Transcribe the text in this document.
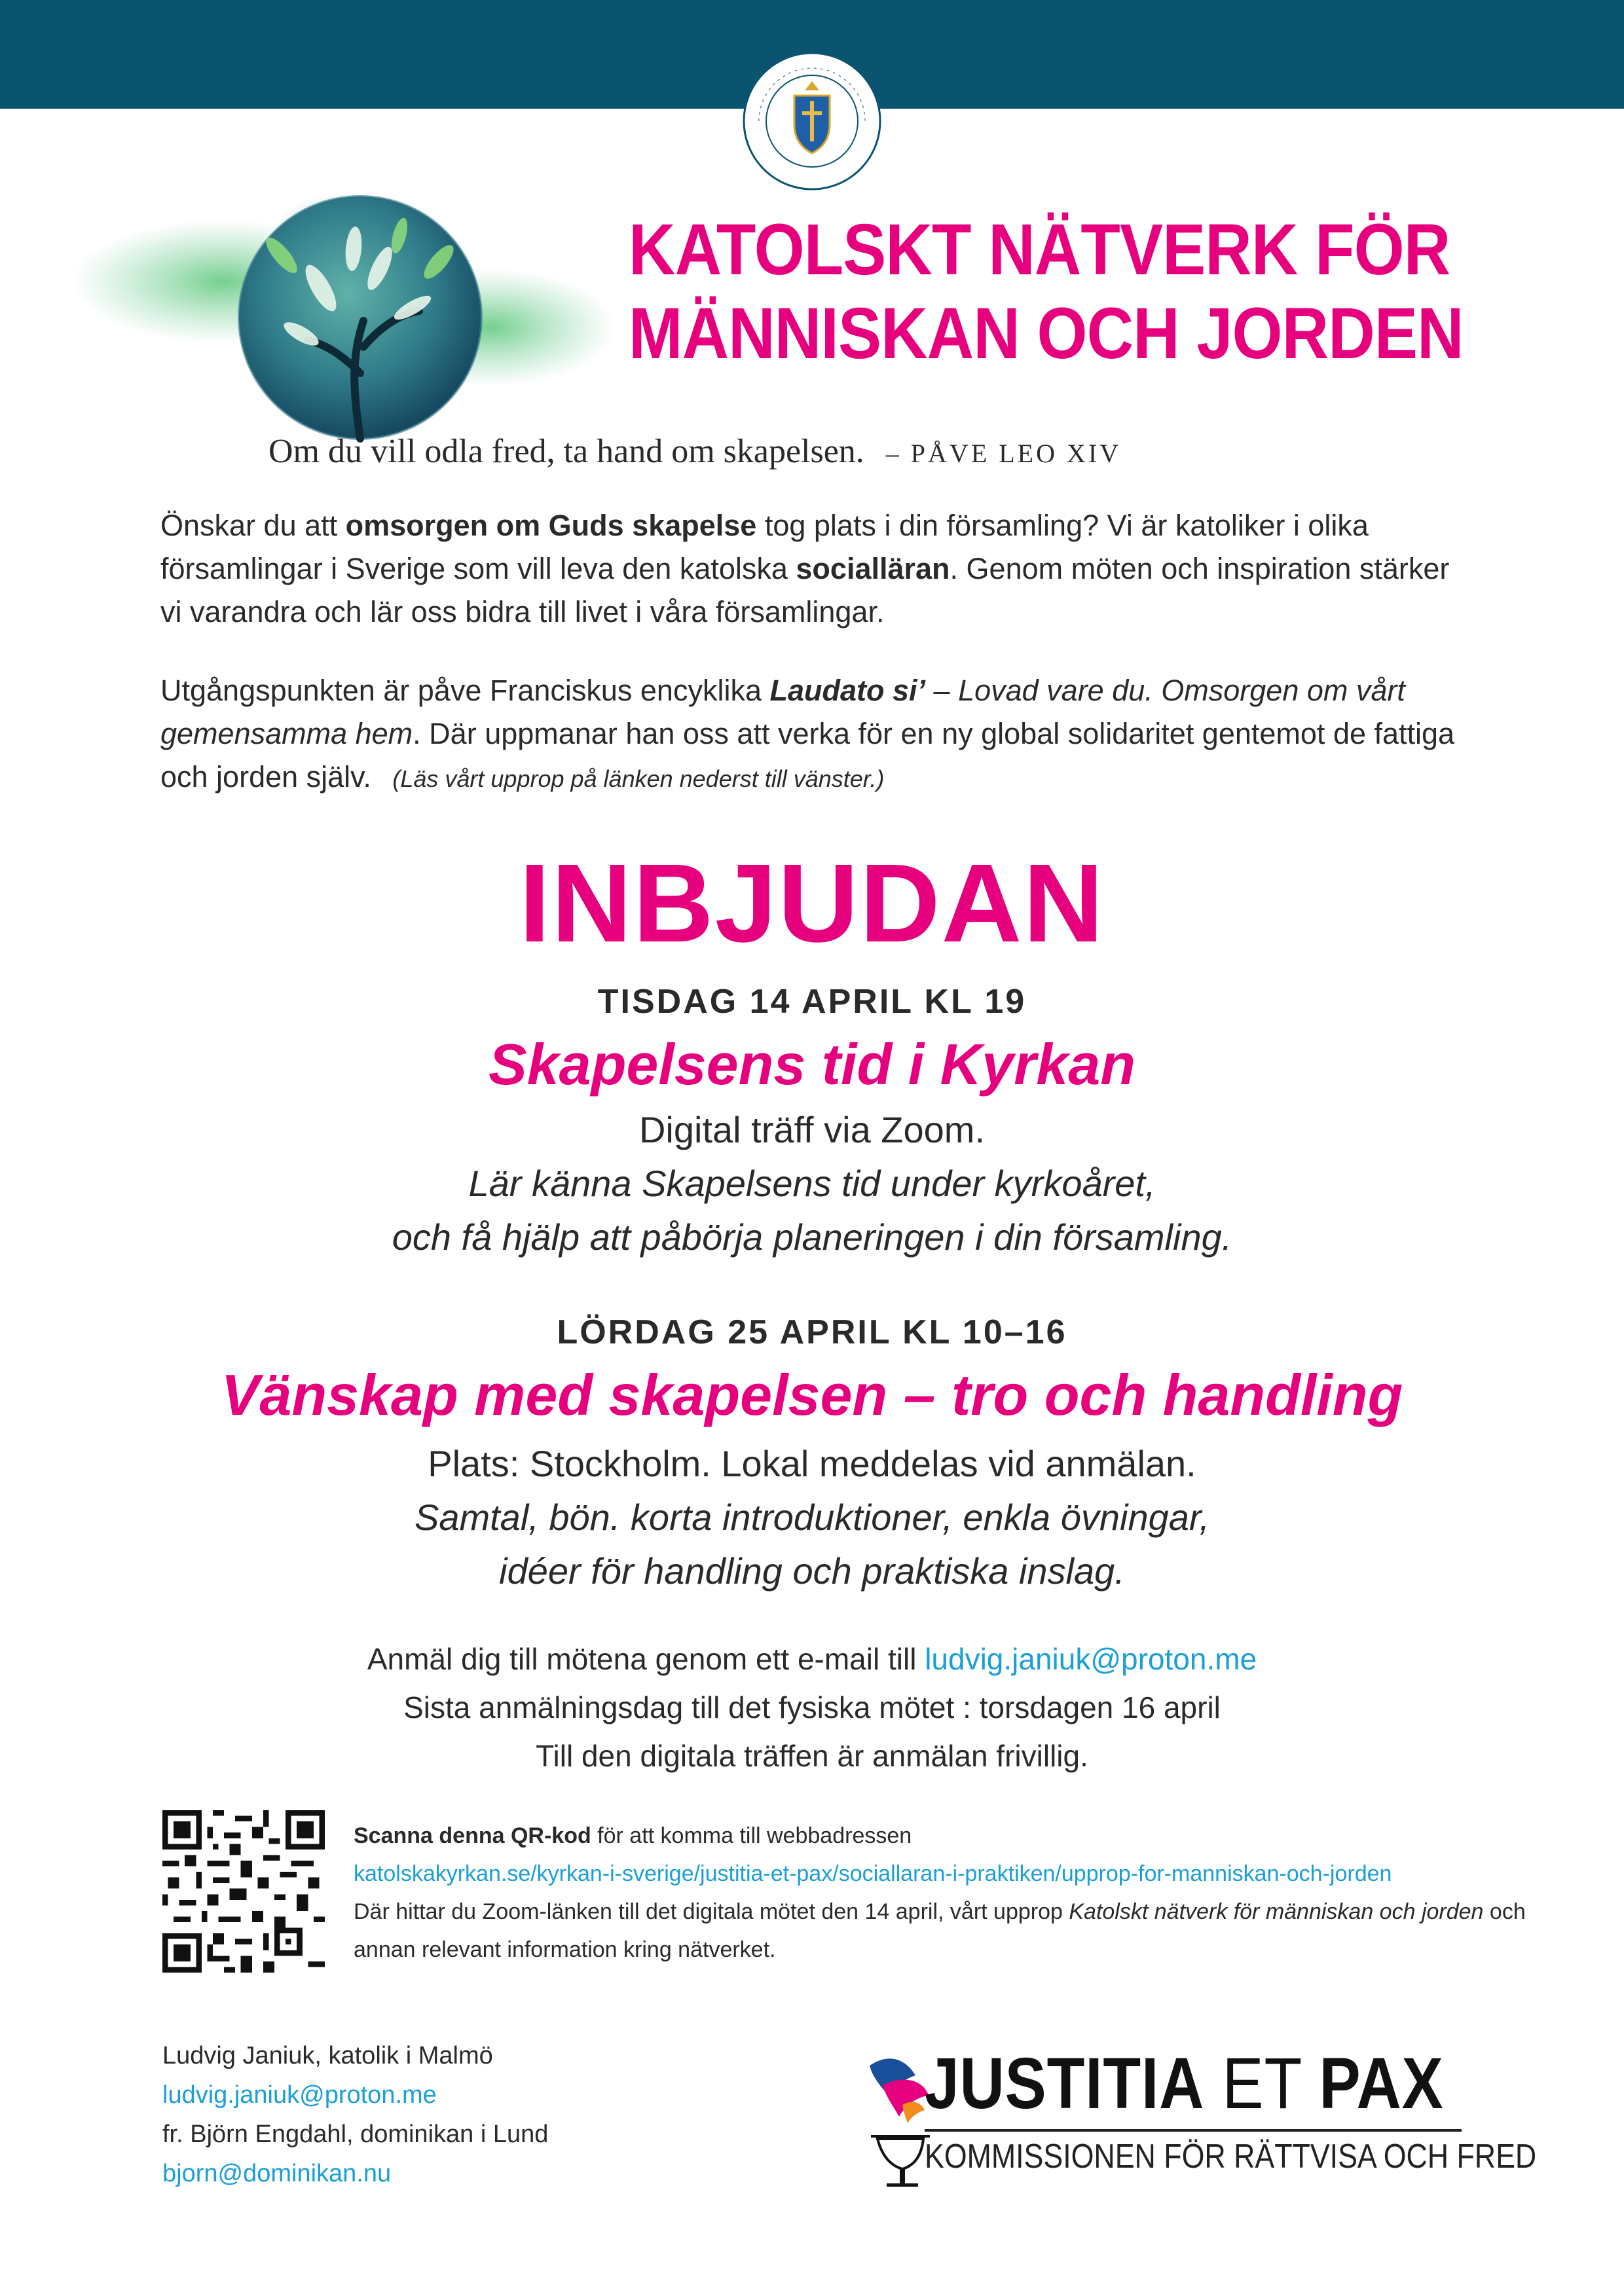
KATOLSKT NÄTVERK FÖR
MÄNNISKAN OCH JORDEN
Om du vill odla fred, ta hand om skapelsen. – PÅVE LEO XIV

Önskar du att omsorgen om Guds skapelse tog plats i din församling? Vi är katoliker i olika församlingar i Sverige som vill leva den katolska socialläran. Genom möten och inspiration stärker vi varandra och lär oss bidra till livet i våra församlingar.

Utgångspunkten är påve Franciskus encyklika Laudato si’ – Lovad vare du. Omsorgen om vårt gemensamma hem. Där uppmanar han oss att verka för en ny global solidaritet gentemot de fattiga och jorden själv. (Läs vårt upprop på länken nederst till vänster.)

INBJUDAN
TISDAG 14 APRIL KL 19
Skapelsens tid i Kyrkan
Digital träff via Zoom.
Lär känna Skapelsens tid under kyrkoåret,
och få hjälp att påbörja planeringen i din församling.
LÖRDAG 25 APRIL KL 10–16
Vänskap med skapelsen – tro och handling
Plats: Stockholm. Lokal meddelas vid anmälan.
Samtal, bön. korta introduktioner, enkla övningar,
idéer för handling och praktiska inslag.
Anmäl dig till mötena genom ett e-mail till ludvig.janiuk@proton.me
Sista anmälningsdag till det fysiska mötet : torsdagen 16 april
Till den digitala träffen är anmälan frivillig.
Scanna denna QR-kod för att komma till webbadressen
katolskakyrkan.se/kyrkan-i-sverige/justitia-et-pax/sociallaran-i-praktiken/upprop-for-manniskan-och-jorden
Där hittar du Zoom-länken till det digitala mötet den 14 april, vårt upprop Katolskt nätverk för människan och jorden och annan relevant information kring nätverket.
Ludvig Janiuk, katolik i Malmö
ludvig.janiuk@proton.me
fr. Björn Engdahl, dominikan i Lund
bjorn@dominikan.nu
JUSTITIA ET PAX
KOMMISSIONEN FÖR RÄTTVISA OCH FRED
